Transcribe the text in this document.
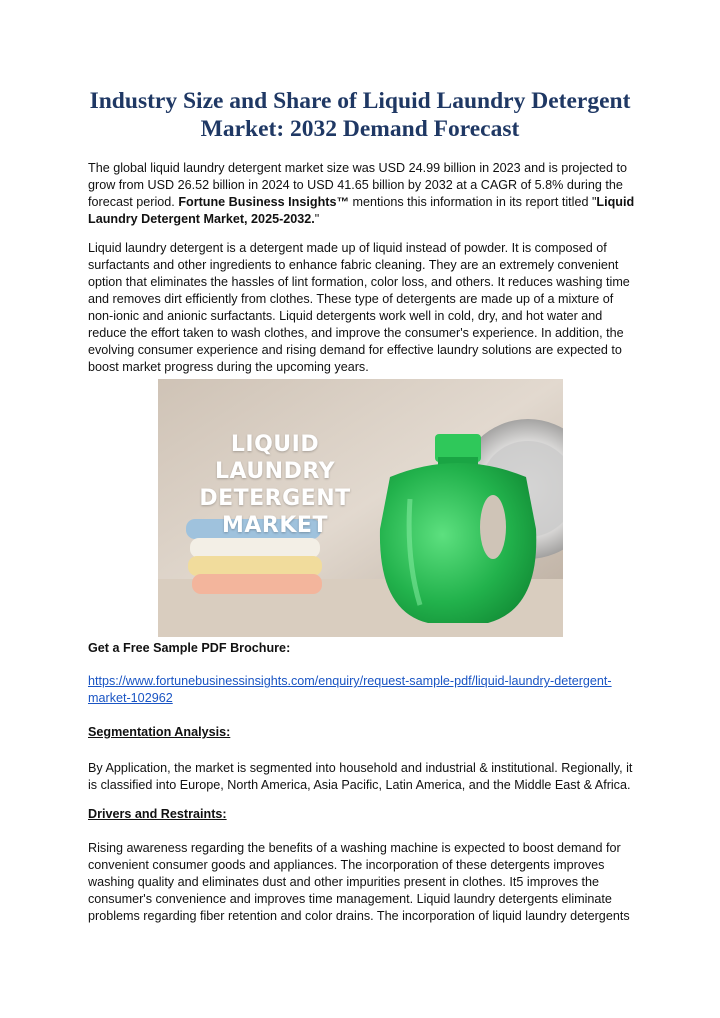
Industry Size and Share of Liquid Laundry Detergent Market: 2032 Demand Forecast

The global liquid laundry detergent market size was USD 24.99 billion in 2023 and is projected to grow from USD 26.52 billion in 2024 to USD 41.65 billion by 2032 at a CAGR of 5.8% during the forecast period. Fortune Business Insights™ mentions this information in its report titled "Liquid Laundry Detergent Market, 2025-2032."

Liquid laundry detergent is a detergent made up of liquid instead of powder. It is composed of surfactants and other ingredients to enhance fabric cleaning. They are an extremely convenient option that eliminates the hassles of lint formation, color loss, and others. It reduces washing time and removes dirt efficiently from clothes. These type of detergents are made up of a mixture of non-ionic and anionic surfactants. Liquid detergents work well in cold, dry, and hot water and reduce the effort taken to wash clothes, and improve the consumer's experience. In addition, the evolving consumer experience and rising demand for effective laundry solutions are expected to boost market progress during the upcoming years.

LIQUID LAUNDRY DETERGENT MARKET

Get a Free Sample PDF Brochure:

https://www.fortunebusinessinsights.com/enquiry/request-sample-pdf/liquid-laundry-detergent-market-102962

Segmentation Analysis:

By Application, the market is segmented into household and industrial & institutional. Regionally, it is classified into Europe, North America, Asia Pacific, Latin America, and the Middle East & Africa.

Drivers and Restraints:

Rising awareness regarding the benefits of a washing machine is expected to boost demand for convenient consumer goods and appliances. The incorporation of these detergents improves washing quality and eliminates dust and other impurities present in clothes. It5 improves the consumer's convenience and improves time management. Liquid laundry detergents eliminate problems regarding fiber retention and color drains. The incorporation of liquid laundry detergents
